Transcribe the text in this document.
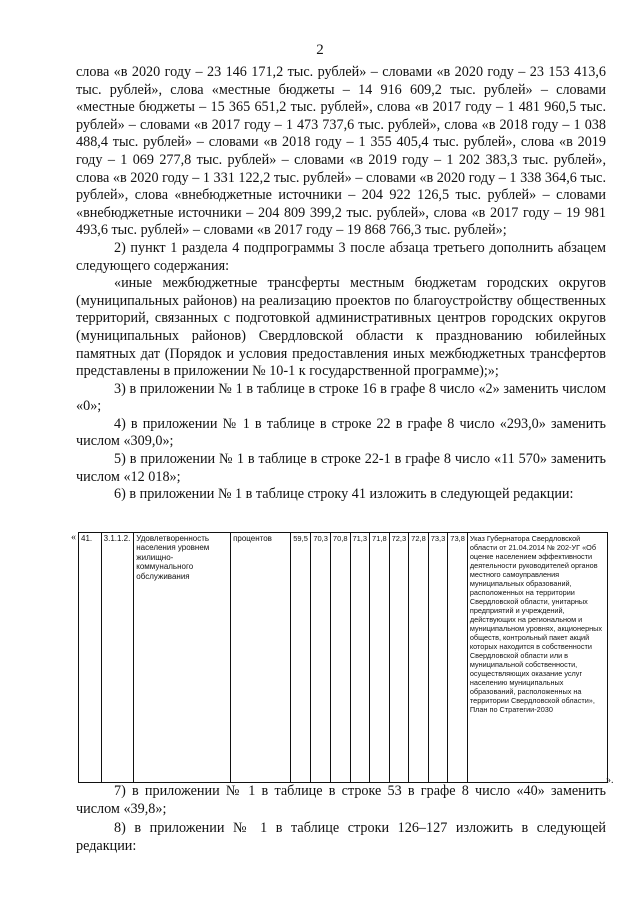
2

слова «в 2020 году – 23 146 171,2 тыс. рублей» – словами «в 2020 году – 23 153 413,6 тыс. рублей», слова «местные бюджеты – 14 916 609,2 тыс. рублей» – словами «местные бюджеты – 15 365 651,2 тыс. рублей», слова «в 2017 году – 1 481 960,5 тыс. рублей» – словами «в 2017 году – 1 473 737,6 тыс. рублей», слова «в 2018 году – 1 038 488,4 тыс. рублей» – словами «в 2018 году – 1 355 405,4 тыс. рублей», слова «в 2019 году – 1 069 277,8 тыс. рублей» – словами «в 2019 году – 1 202 383,3 тыс. рублей», слова «в 2020 году – 1 331 122,2 тыс. рублей» – словами «в 2020 году – 1 338 364,6 тыс. рублей», слова «внебюджетные источники – 204 922 126,5 тыс. рублей» – словами «внебюджетные источники – 204 809 399,2 тыс. рублей», слова «в 2017 году – 19 981 493,6 тыс. рублей» – словами «в 2017 году – 19 868 766,3 тыс. рублей»;

2) пункт 1 раздела 4 подпрограммы 3 после абзаца третьего дополнить абзацем следующего содержания:

«иные межбюджетные трансферты местным бюджетам городских округов (муниципальных районов) на реализацию проектов по благоустройству общественных территорий, связанных с подготовкой административных центров городских округов (муниципальных районов) Свердловской области к празднованию юбилейных памятных дат (Порядок и условия предоставления иных межбюджетных трансфертов представлены в приложении № 10-1 к государственной программе);»;

3) в приложении № 1 в таблице в строке 16 в графе 8 число «2» заменить числом «0»;

4) в приложении № 1 в таблице в строке 22 в графе 8 число «293,0» заменить числом «309,0»;

5) в приложении № 1 в таблице в строке 22-1 в графе 8 число «11 570» заменить числом «12 018»;

6) в приложении № 1 в таблице строку 41 изложить в следующей редакции:

« 41.	3.1.1.2.	Удовлетворенность населения уровнем жилищно-коммунального обслуживания	процентов	59,5	70,3	70,8	71,3	71,8	72,3	72,8	73,3	73,8	Указ Губернатора Свердловской области от 21.04.2014 № 202-УГ «Об оценке населением эффективности деятельности руководителей органов местного самоуправления муниципальных образований, расположенных на территории Свердловской области, унитарных предприятий и учреждений, действующих на региональном и муниципальном уровнях, акционерных обществ, контрольный пакет акций которых находится в собственности Свердловской области или в муниципальной собственности, осуществляющих оказание услуг населению муниципальных образований, расположенных на территории Свердловской области», План по Стратегии-2030
».

7) в приложении № 1 в таблице в строке 53 в графе 8 число «40» заменить числом «39,8»;

8) в приложении № 1 в таблице строки 126–127 изложить в следующей редакции:
